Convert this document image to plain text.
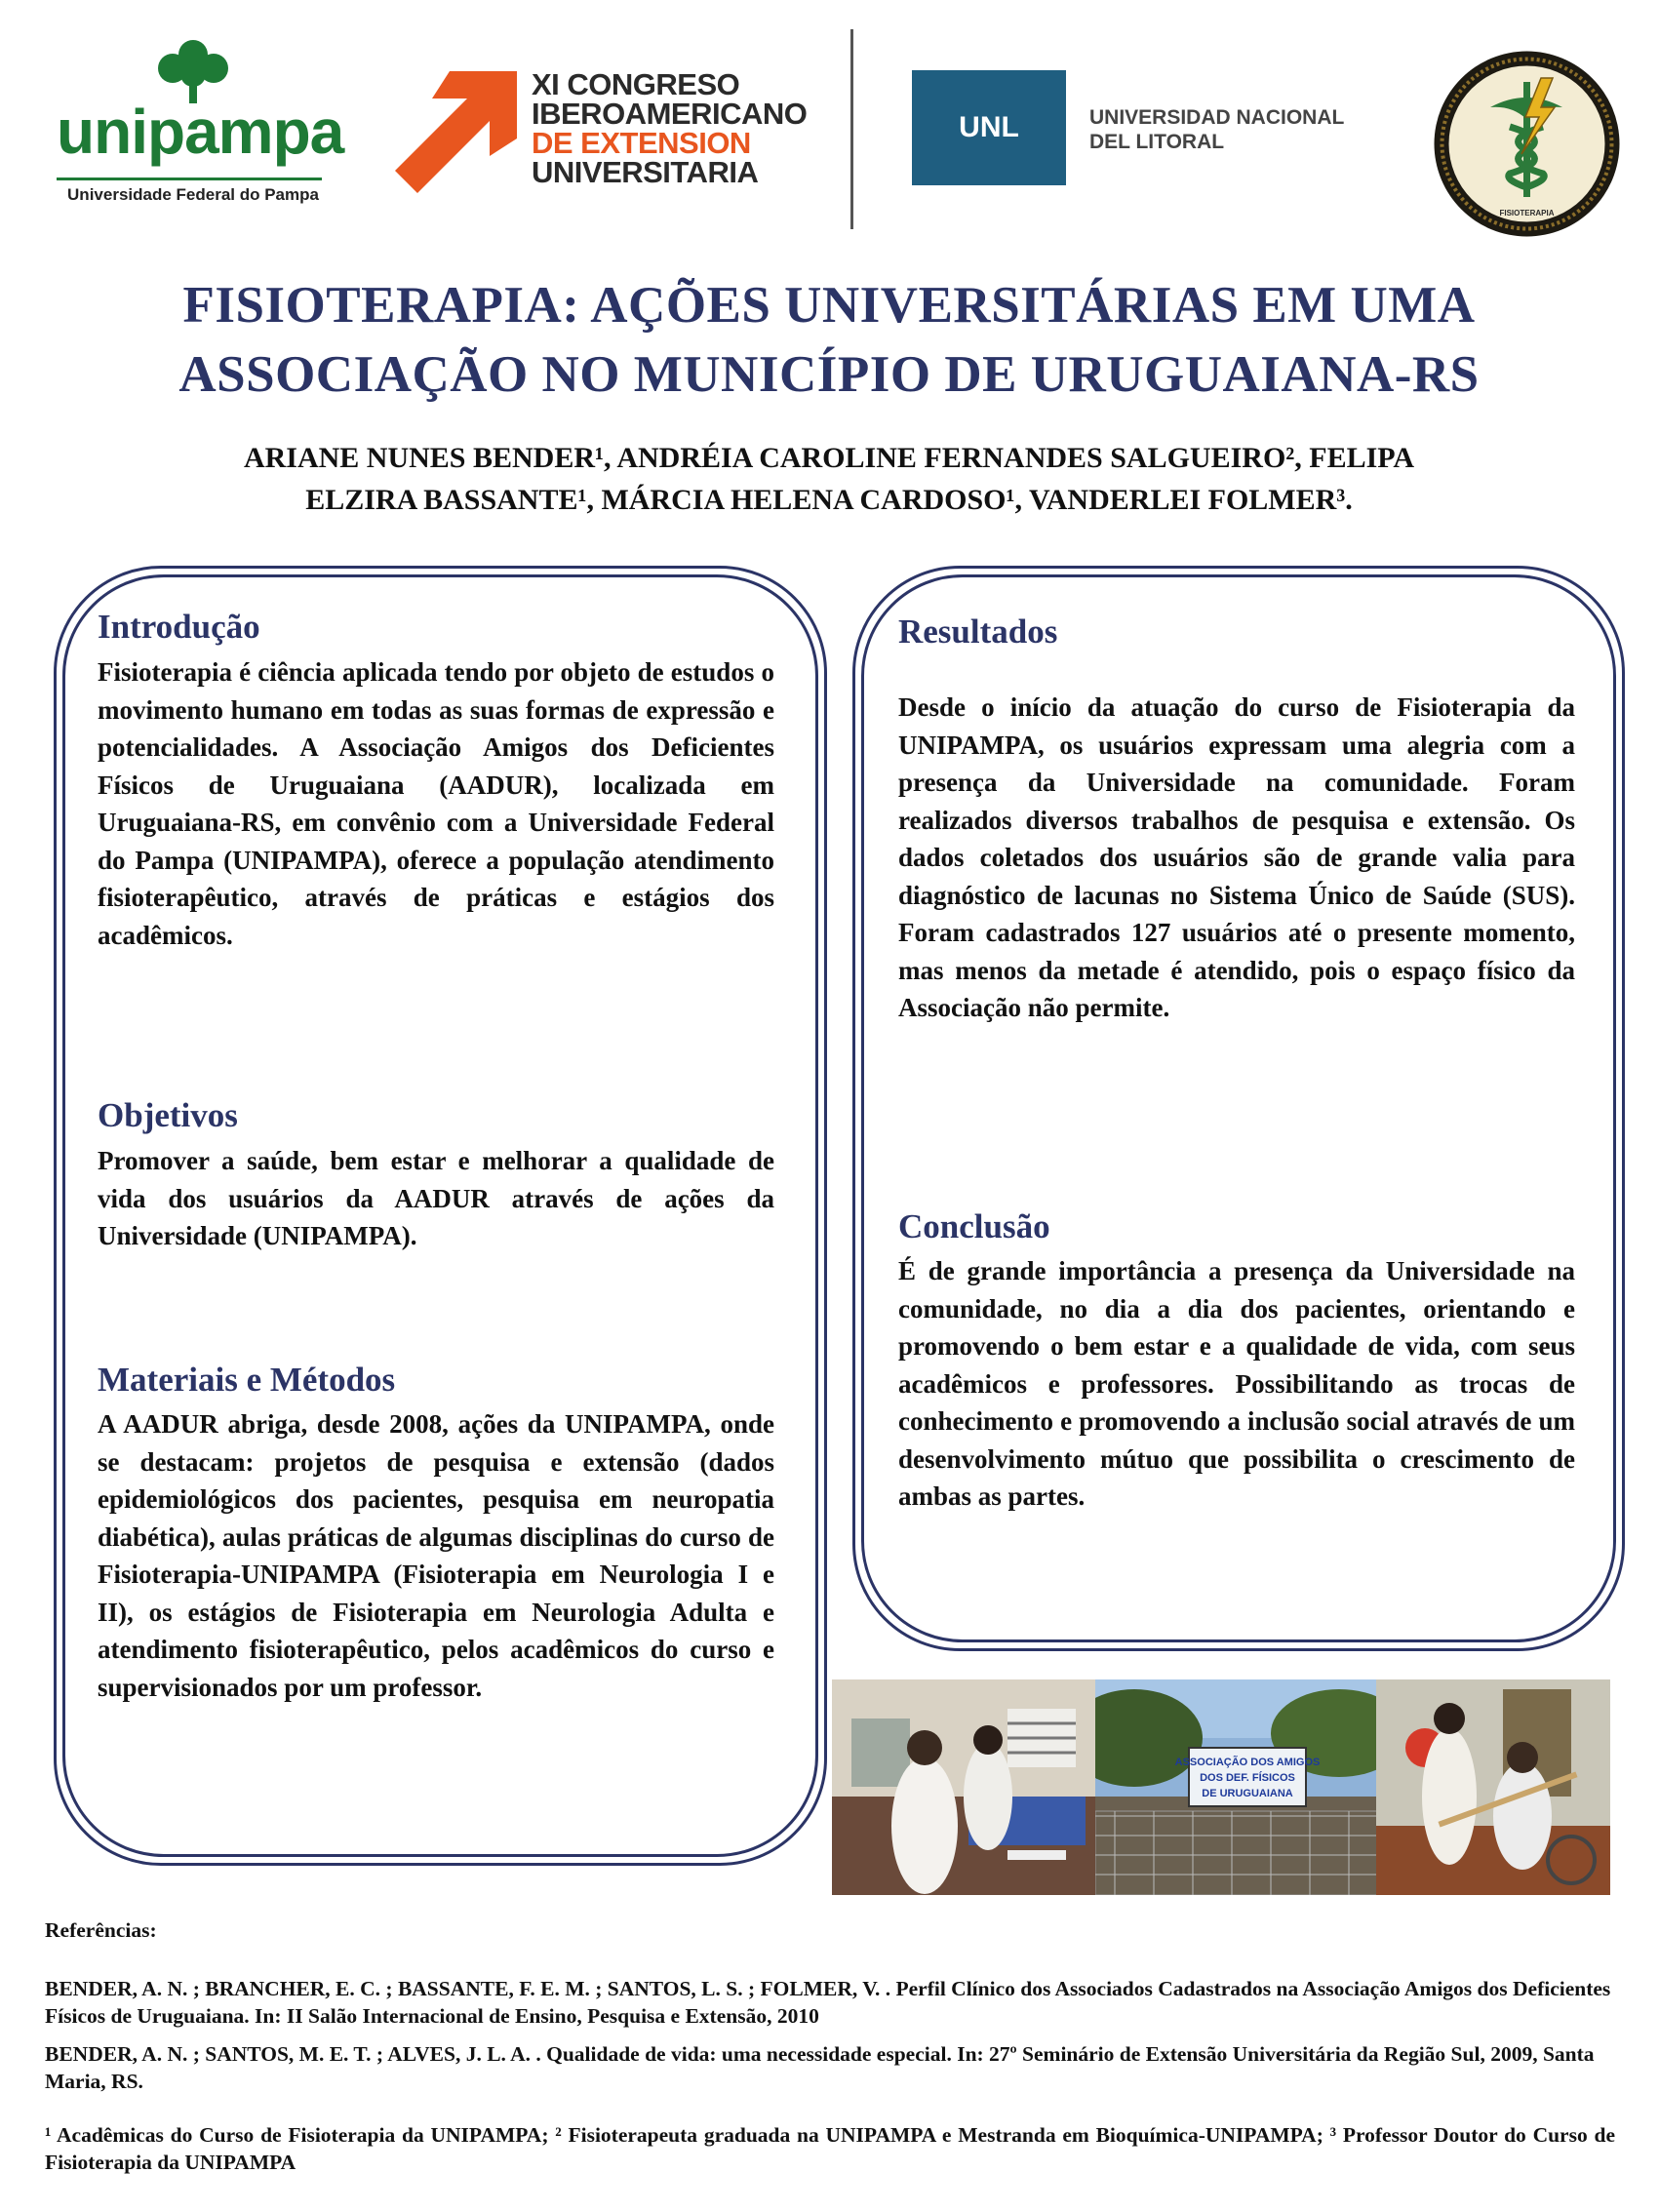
unipampa
Universidade Federal do Pampa
XI CONGRESO
IBEROAMERICANO
DE EXTENSION
UNIVERSITARIA
UNL	UNIVERSIDAD NACIONAL
DEL LITORAL
FISIOTERAPIA
FISIOTERAPIA: AÇÕES UNIVERSITÁRIAS EM UMA
ASSOCIAÇÃO NO MUNICÍPIO DE URUGUAIANA-RS
ARIANE NUNES BENDER¹, ANDRÉIA CAROLINE FERNANDES SALGUEIRO², FELIPA
ELZIRA BASSANTE¹, MÁRCIA HELENA CARDOSO¹, VANDERLEI FOLMER³.
Introdução
Fisioterapia é ciência aplicada tendo por objeto de estudos o movimento humano em todas as suas formas de expressão e potencialidades. A Associação Amigos dos Deficientes Físicos de Uruguaiana (AADUR), localizada em Uruguaiana-RS, em convênio com a Universidade Federal do Pampa (UNIPAMPA), oferece a população atendimento fisioterapêutico, através de práticas e estágios dos acadêmicos.
Objetivos
Promover a saúde, bem estar e melhorar a qualidade de vida dos usuários da AADUR através de ações da Universidade (UNIPAMPA).
Materiais e Métodos
A AADUR abriga, desde 2008, ações da UNIPAMPA, onde se destacam: projetos de pesquisa e extensão (dados epidemiológicos dos pacientes, pesquisa em neuropatia diabética), aulas práticas de algumas disciplinas do curso de Fisioterapia-UNIPAMPA (Fisioterapia em Neurologia I e II), os estágios de Fisioterapia em Neurologia Adulta e atendimento fisioterapêutico, pelos acadêmicos do curso e supervisionados por um professor.
Resultados
Desde o início da atuação do curso de Fisioterapia da UNIPAMPA, os usuários expressam uma alegria com a presença da Universidade na comunidade. Foram realizados diversos trabalhos de pesquisa e extensão. Os dados coletados dos usuários são de grande valia para diagnóstico de lacunas no Sistema Único de Saúde (SUS). Foram cadastrados 127 usuários até o presente momento, mas menos da metade é atendido, pois o espaço físico da Associação não permite.
Conclusão
É de grande importância a presença da Universidade na comunidade, no dia a dia dos pacientes, orientando e promovendo o bem estar e a qualidade de vida, com seus acadêmicos e professores. Possibilitando as trocas de conhecimento e promovendo a inclusão social através de um desenvolvimento mútuo que possibilita o crescimento de ambas as partes.
ASSOCIAÇÃO DOS AMIGOS
DOS DEF. FÍSICOS
DE URUGUAIANA
Referências:
BENDER, A. N. ; BRANCHER, E. C. ; BASSANTE, F. E. M. ; SANTOS, L. S. ; FOLMER, V. . Perfil Clínico dos Associados Cadastrados na Associação Amigos dos Deficientes Físicos de Uruguaiana. In: II Salão Internacional de Ensino, Pesquisa e Extensão, 2010
BENDER, A. N. ; SANTOS, M. E. T. ; ALVES, J. L. A. . Qualidade de vida: uma necessidade especial. In: 27º Seminário de Extensão Universitária da Região Sul, 2009, Santa Maria, RS.
¹ Acadêmicas do Curso de Fisioterapia da UNIPAMPA; ² Fisioterapeuta graduada na UNIPAMPA e Mestranda em Bioquímica-UNIPAMPA; ³ Professor Doutor do Curso de Fisioterapia da UNIPAMPA
